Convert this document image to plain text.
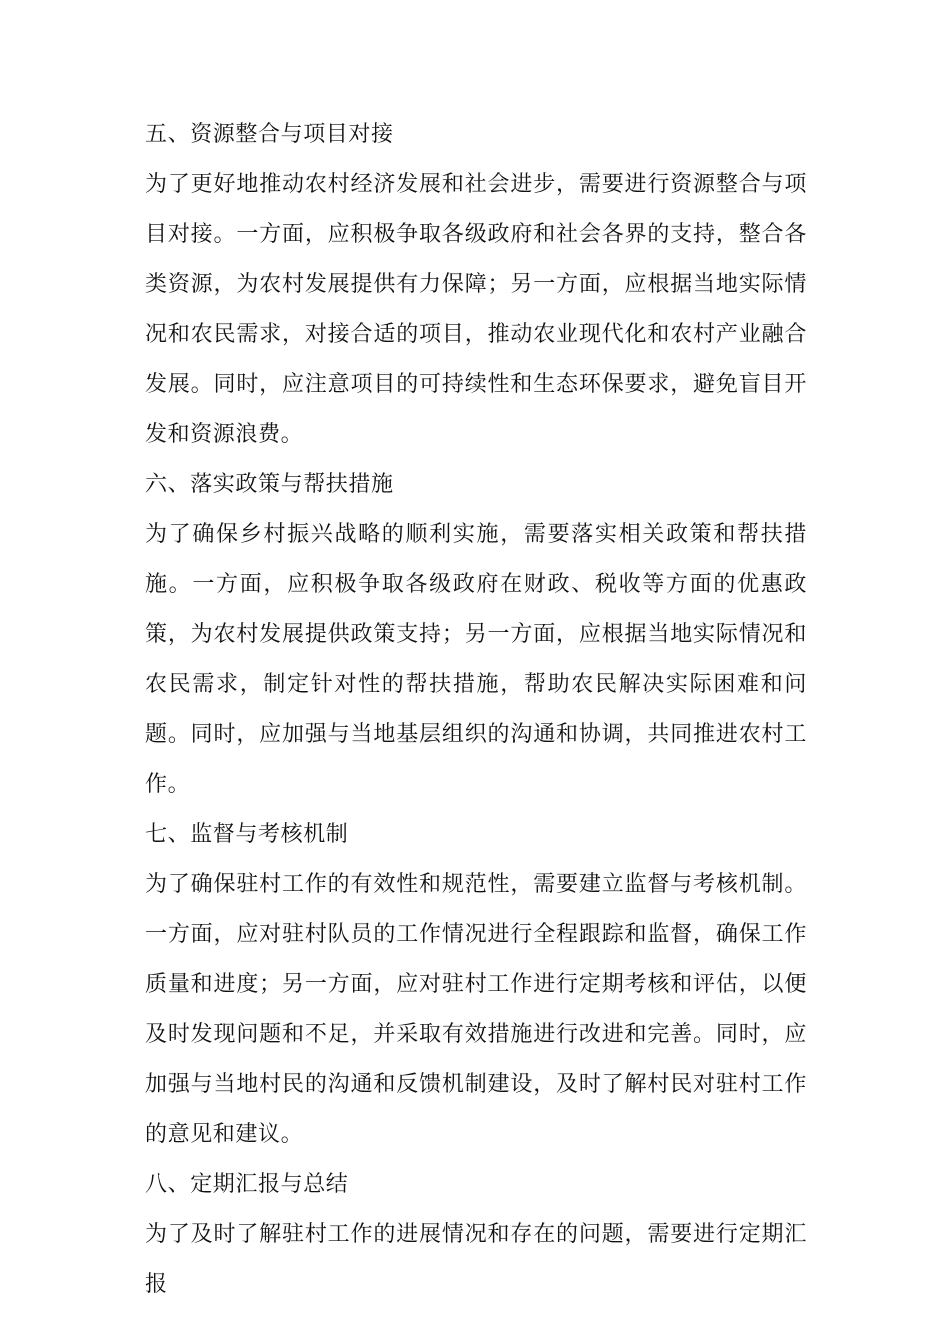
五、资源整合与项目对接

为了更好地推动农村经济发展和社会进步，需要进行资源整合与项目对接。一方面，应积极争取各级政府和社会各界的支持，整合各类资源，为农村发展提供有力保障；另一方面，应根据当地实际情况和农民需求，对接合适的项目，推动农业现代化和农村产业融合发展。同时，应注意项目的可持续性和生态环保要求，避免盲目开发和资源浪费。

六、落实政策与帮扶措施

为了确保乡村振兴战略的顺利实施，需要落实相关政策和帮扶措施。一方面，应积极争取各级政府在财政、税收等方面的优惠政策，为农村发展提供政策支持；另一方面，应根据当地实际情况和农民需求，制定针对性的帮扶措施，帮助农民解决实际困难和问题。同时，应加强与当地基层组织的沟通和协调，共同推进农村工作。

七、监督与考核机制

为了确保驻村工作的有效性和规范性，需要建立监督与考核机制。一方面，应对驻村队员的工作情况进行全程跟踪和监督，确保工作质量和进度；另一方面，应对驻村工作进行定期考核和评估，以便及时发现问题和不足，并采取有效措施进行改进和完善。同时，应加强与当地村民的沟通和反馈机制建设，及时了解村民对驻村工作的意见和建议。

八、定期汇报与总结

为了及时了解驻村工作的进展情况和存在的问题，需要进行定期汇报
